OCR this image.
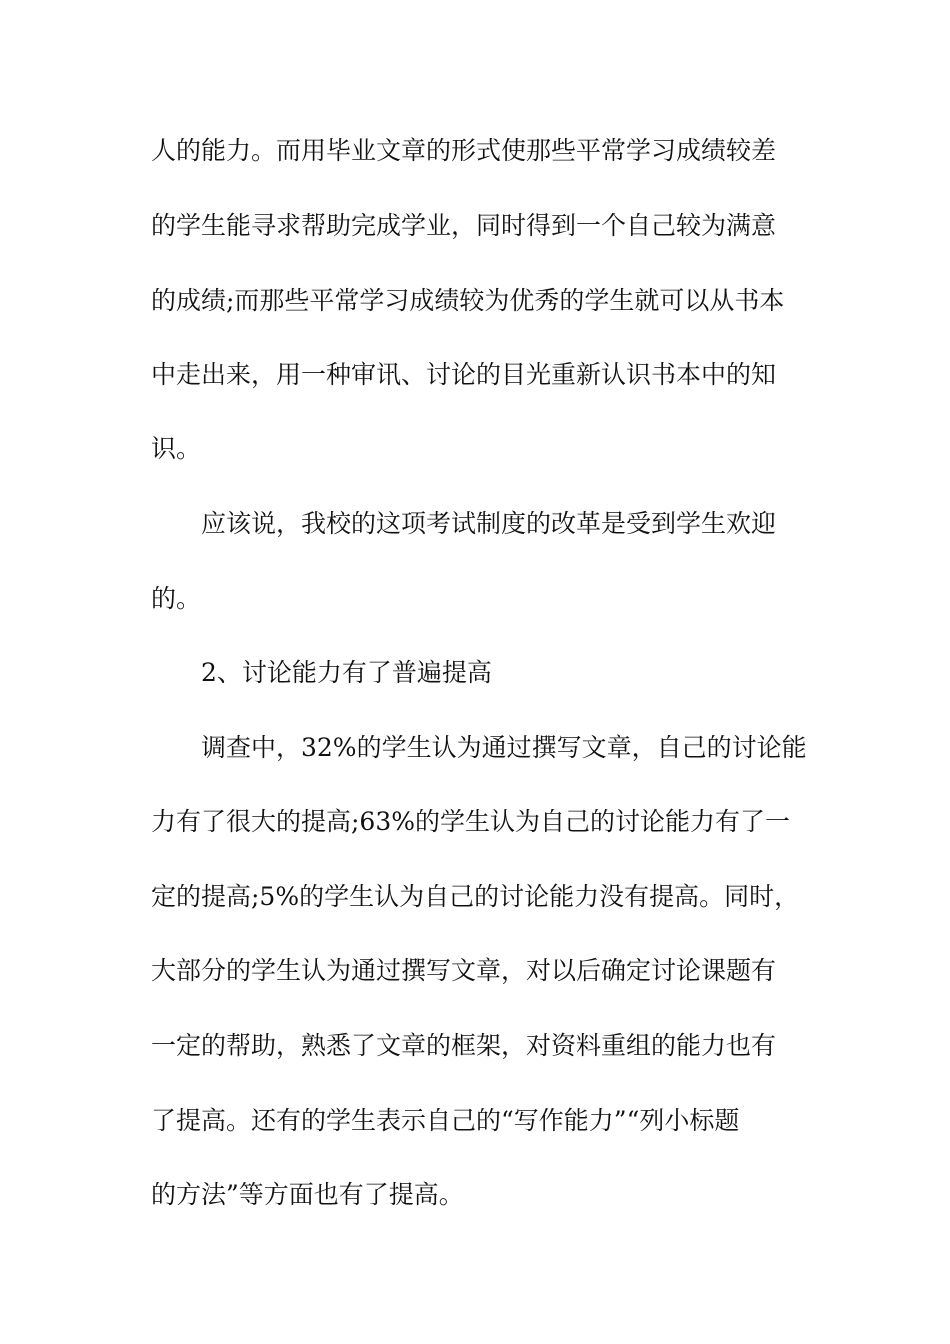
人的能力。而用毕业文章的形式使那些平常学习成绩较差
的学生能寻求帮助完成学业，同时得到一个自己较为满意
的成绩;而那些平常学习成绩较为优秀的学生就可以从书本
中走出来，用一种审讯、讨论的目光重新认识书本中的知
识。
应该说，我校的这项考试制度的改革是受到学生欢迎
的。
2、讨论能力有了普遍提高
调查中，32%的学生认为通过撰写文章，自己的讨论能
力有了很大的提高;63%的学生认为自己的讨论能力有了一
定的提高;5%的学生认为自己的讨论能力没有提高。同时，
大部分的学生认为通过撰写文章，对以后确定讨论课题有
一定的帮助，熟悉了文章的框架，对资料重组的能力也有
了提高。还有的学生表示自己的“写作能力”“列小标题
的方法”等方面也有了提高。
